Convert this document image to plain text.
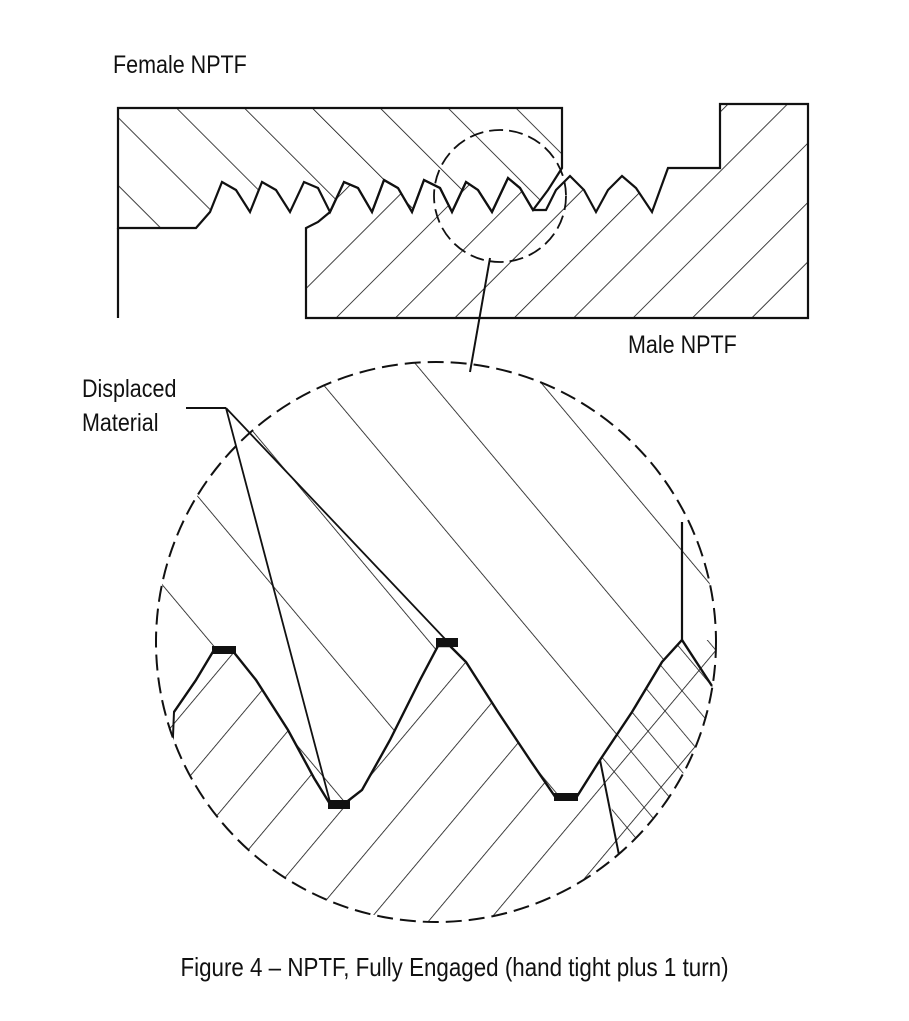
Female NPTF
Male NPTF
Displaced
Material
Figure 4 – NPTF, Fully Engaged (hand tight plus 1 turn)
